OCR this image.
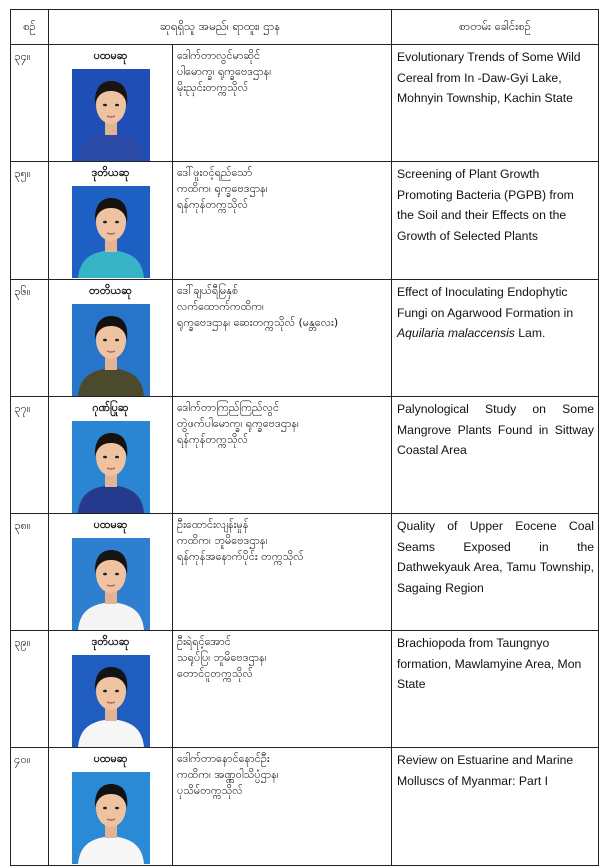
စဉ်	ဆုရရှိသူ အမည်၊ ရာထူး၊ ဌာန		စာတမ်း ခေါင်းစဉ်
၃၄။	ပထမဆု	ဒေါက်တာလွင်မာဆိုင်
ပါမောက္ခ၊ ရုက္ခဗေဒဌာန၊
မိုးညှင်းတက္ကသိုလ်	Evolutionary Trends of Some Wild Cereal from In -Daw-Gyi Lake, Mohnyin Township, Kachin State
၃၅။	ဒုတိယဆု	ဒေါ်ဖူးဝင့်ရည်သော်
ကထိက၊ ရုက္ခဗေဒဌာန၊
ရန်ကုန်တက္ကသိုလ်	Screening of Plant Growth Promoting Bacteria (PGPB) from the Soil and their Effects on the Growth of Selected Plants
၃၆။	တတိယဆု	ဒေါ်ချယ်ရီမြနှစ်
လက်ထောက်ကထိက၊
ရုက္ခဗေဒဌာန၊ ဆေးတက္ကသိုလ် (မန္တလေး)	Effect of Inoculating Endophytic Fungi on Agarwood Formation in Aquilaria malaccensis Lam.
၃၇။	ဂုဏ်ပြုဆု	ဒေါက်တာကြည်ကြည်လွင်
တွဲဖက်ပါမောက္ခ၊ ရုက္ခဗေဒဌာန၊
ရန်ကုန်တက္ကသိုလ်	Palynological Study on Some Mangrove Plants Found in Sittway Coastal Area
၃၈။	ပထမဆု	ဦးထောင်းလျန်းမှုန်
ကထိက၊ ဘူမိဗေဒဌာန၊
ရန်ကုန်အနောက်ပိုင်း တက္ကသိုလ်	Quality of Upper Eocene Coal Seams Exposed in the Dathwekyauk Area, Tamu Township, Sagaing Region
၃၉။	ဒုတိယဆု	ဦးရဲရင့်အောင်
သရုပ်ပြ၊ ဘူမိဗေဒဌာန၊
တောင်ငူတက္ကသိုလ်	Brachiopoda from Taungnyo formation, Mawlamyine Area, Mon State
၄၀။	ပထမဆု	ဒေါက်တာနောင်နောင်ဦး
ကထိက၊ အဏ္ဏဝါသိပ္ပံဌာန၊
ပုသိမ်တက္ကသိုလ်	Review on Estuarine and Marine Molluscs of Myanmar: Part I
